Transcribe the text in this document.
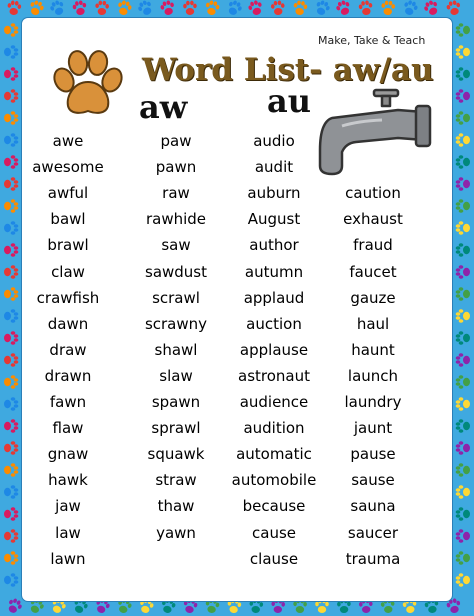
Make, Take & Teach
Word List- aw/au
aw au
awe
awesome
awful
bawl
brawl
claw
crawfish
dawn
draw
drawn
fawn
flaw
gnaw
hawk
jaw
law
lawn
paw
pawn
raw
rawhide
saw
sawdust
scrawl
scrawny
shawl
slaw
spawn
sprawl
squawk
straw
thaw
yawn
audio
audit
auburn
August
author
autumn
applaud
auction
applause
astronaut
audience
audition
automatic
automobile
because
cause
clause
caution
exhaust
fraud
faucet
gauze
haul
haunt
launch
laundry
jaunt
pause
sause
sauna
saucer
trauma
